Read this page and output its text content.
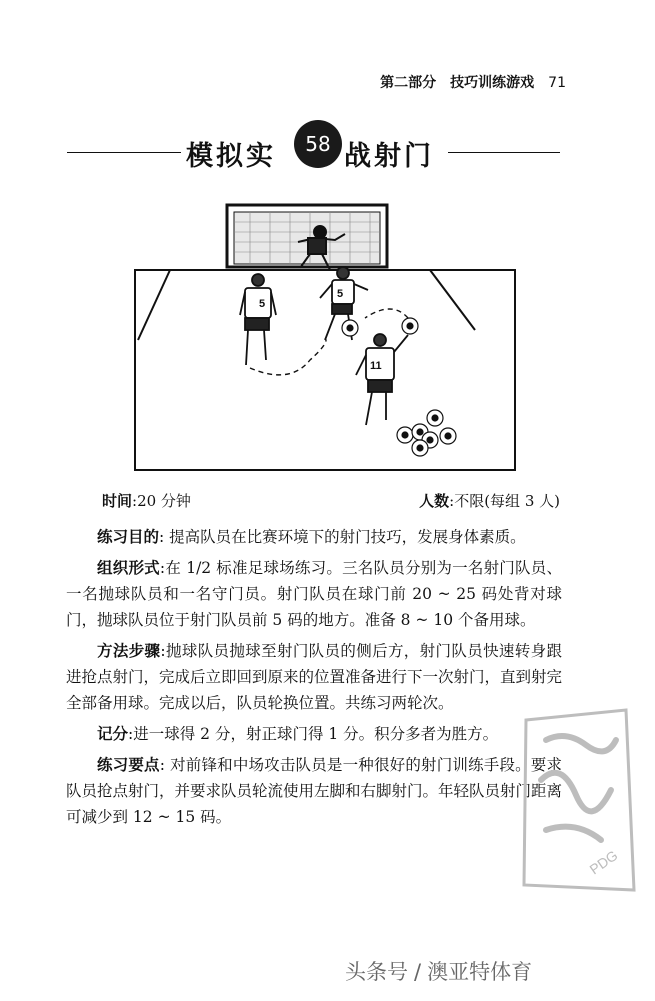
第二部分 技巧训练游戏 71
模拟实 58 战射门
5
5
11
时间:20 分钟	人数:不限(每组 3 人)

练习目的: 提高队员在比赛环境下的射门技巧，发展身体素质。

组织形式:在 1/2 标准足球场练习。三名队员分别为一名射门队员、一名抛球队员和一名守门员。射门队员在球门前 20 ~ 25 码处背对球门，抛球队员位于射门队员前 5 码的地方。准备 8 ~ 10 个备用球。

方法步骤:抛球队员抛球至射门队员的侧后方，射门队员快速转身跟进抢点射门，完成后立即回到原来的位置准备进行下一次射门，直到射完全部备用球。完成以后，队员轮换位置。共练习两轮次。

记分:进一球得 2 分，射正球门得 1 分。积分多者为胜方。

练习要点: 对前锋和中场攻击队员是一种很好的射门训练手段。要求队员抢点射门，并要求队员轮流使用左脚和右脚射门。年轻队员射门距离可减少到 12 ~ 15 码。

PDG
头条号 / 澳亚特体育
